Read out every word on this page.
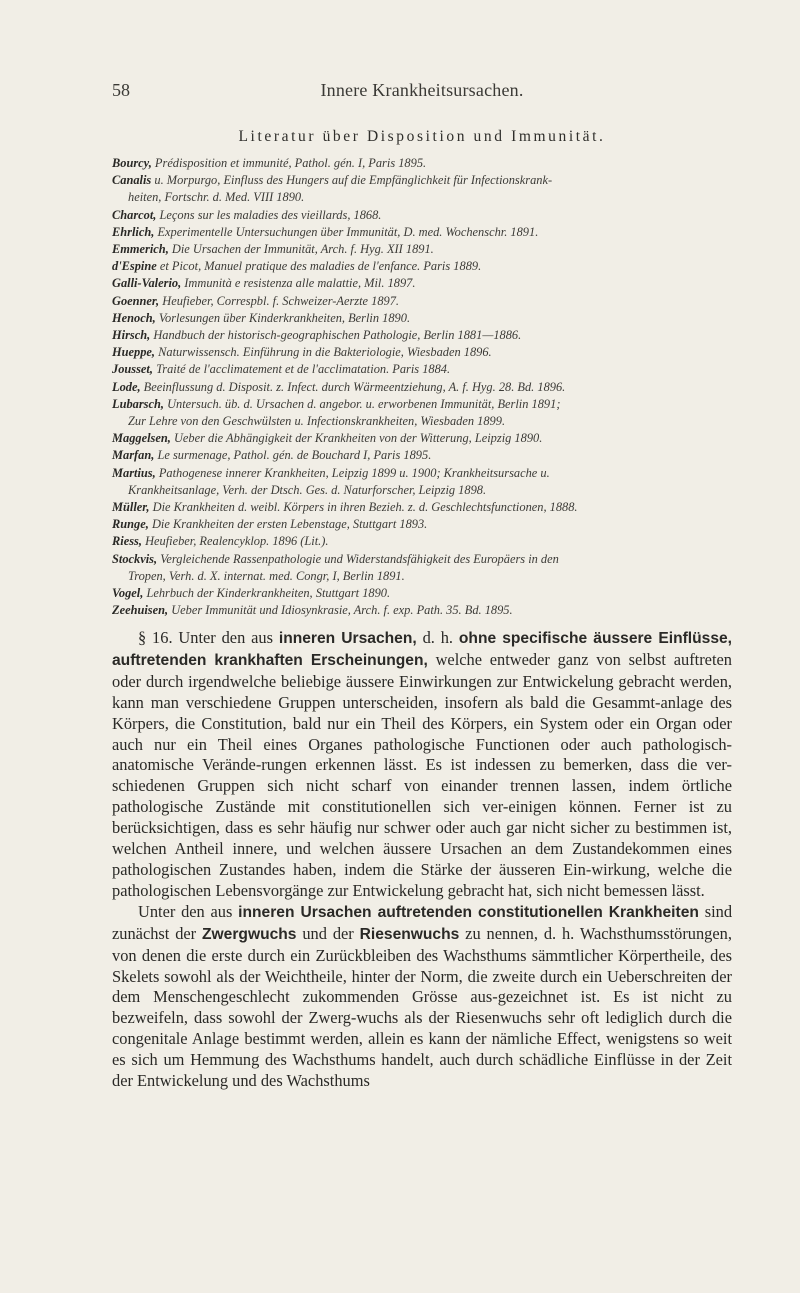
58	Innere Krankheitsursachen.
Literatur über Disposition und Immunität.
Bourcy, Prédisposition et immunité, Pathol. gén. I, Paris 1895.
Canalis u. Morpurgo, Einfluss des Hungers auf die Empfänglichkeit für Infectionskrank-
heiten, Fortschr. d. Med. VIII 1890.
Charcot, Leçons sur les maladies des vieillards, 1868.
Ehrlich, Experimentelle Untersuchungen über Immunität, D. med. Wochenschr. 1891.
Emmerich, Die Ursachen der Immunität, Arch. f. Hyg. XII 1891.
d'Espine et Picot, Manuel pratique des maladies de l'enfance. Paris 1889.
Galli-Valerio, Immunità e resistenza alle malattie, Mil. 1897.
Goenner, Heufieber, Correspbl. f. Schweizer-Aerzte 1897.
Henoch, Vorlesungen über Kinderkrankheiten, Berlin 1890.
Hirsch, Handbuch der historisch-geographischen Pathologie, Berlin 1881—1886.
Hueppe, Naturwissensch. Einführung in die Bakteriologie, Wiesbaden 1896.
Jousset, Traité de l'acclimatement et de l'acclimatation. Paris 1884.
Lode, Beeinflussung d. Disposit. z. Infect. durch Wärmeentziehung, A. f. Hyg. 28. Bd. 1896.
Lubarsch, Untersuch. üb. d. Ursachen d. angebor. u. erworbenen Immunität, Berlin 1891;
Zur Lehre von den Geschwülsten u. Infectionskrankheiten, Wiesbaden 1899.
Maggelsen, Ueber die Abhängigkeit der Krankheiten von der Witterung, Leipzig 1890.
Marfan, Le surmenage, Pathol. gén. de Bouchard I, Paris 1895.
Martius, Pathogenese innerer Krankheiten, Leipzig 1899 u. 1900; Krankheitsursache u.
Krankheitsanlage, Verh. der Dtsch. Ges. d. Naturforscher, Leipzig 1898.
Müller, Die Krankheiten d. weibl. Körpers in ihren Bezieh. z. d. Geschlechtsfunctionen, 1888.
Runge, Die Krankheiten der ersten Lebenstage, Stuttgart 1893.
Riess, Heufieber, Realencyklop. 1896 (Lit.).
Stockvis, Vergleichende Rassenpathologie und Widerstandsfähigkeit des Europäers in den
Tropen, Verh. d. X. internat. med. Congr, I, Berlin 1891.
Vogel, Lehrbuch der Kinderkrankheiten, Stuttgart 1890.
Zeehuisen, Ueber Immunität und Idiosynkrasie, Arch. f. exp. Path. 35. Bd. 1895.

§ 16. Unter den aus inneren Ursachen, d. h. ohne specifische äussere Einflüsse, auftretenden krankhaften Erscheinungen, welche entweder ganz von selbst auftreten oder durch irgendwelche beliebige äussere Einwirkungen zur Entwickelung gebracht werden, kann man verschiedene Gruppen unterscheiden, insofern als bald die Gesammt-anlage des Körpers, die Constitution, bald nur ein Theil des Körpers, ein System oder ein Organ oder auch nur ein Theil eines Organes pathologische Functionen oder auch pathologisch-anatomische Verände-rungen erkennen lässt. Es ist indessen zu bemerken, dass die ver-schiedenen Gruppen sich nicht scharf von einander trennen lassen, indem örtliche pathologische Zustände mit constitutionellen sich ver-einigen können. Ferner ist zu berücksichtigen, dass es sehr häufig nur schwer oder auch gar nicht sicher zu bestimmen ist, welchen Antheil innere, und welchen äussere Ursachen an dem Zustandekommen eines pathologischen Zustandes haben, indem die Stärke der äusseren Ein-wirkung, welche die pathologischen Lebensvorgänge zur Entwickelung gebracht hat, sich nicht bemessen lässt.

Unter den aus inneren Ursachen auftretenden constitutionellen Krankheiten sind zunächst der Zwergwuchs und der Riesenwuchs zu nennen, d. h. Wachsthumsstörungen, von denen die erste durch ein Zurückbleiben des Wachsthums sämmtlicher Körpertheile, des Skelets sowohl als der Weichtheile, hinter der Norm, die zweite durch ein Ueberschreiten der dem Menschengeschlecht zukommenden Grösse aus-gezeichnet ist. Es ist nicht zu bezweifeln, dass sowohl der Zwerg-wuchs als der Riesenwuchs sehr oft lediglich durch die congenitale Anlage bestimmt werden, allein es kann der nämliche Effect, wenigstens so weit es sich um Hemmung des Wachsthums handelt, auch durch schädliche Einflüsse in der Zeit der Entwickelung und des Wachsthums
